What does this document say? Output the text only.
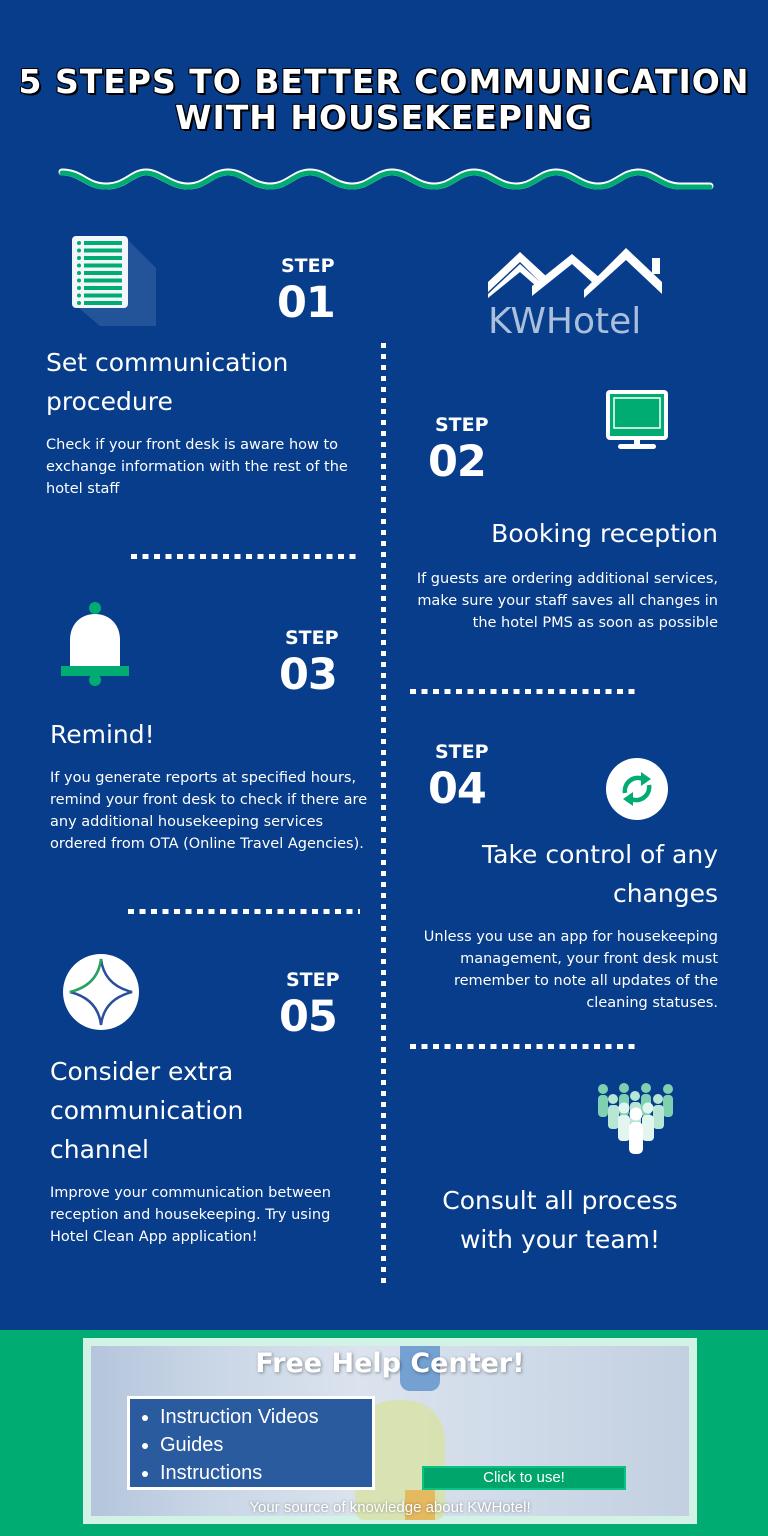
5 STEPS TO BETTER COMMUNICATION
WITH HOUSEKEEPING
STEP
01
Set communication procedure
Check if your front desk is aware how to exchange information with the rest of the hotel staff
KWHotel
STEP
02
Booking reception
If guests are ordering additional services, make sure your staff saves all changes in the hotel PMS as soon as possible
STEP
03
Remind!
If you generate reports at specified hours, remind your front desk to check if there are any additional housekeeping services ordered from OTA (Online Travel Agencies).
STEP
04
Take control of any changes
Unless you use an app for housekeeping management, your front desk must remember to note all updates of the cleaning statuses.
STEP
05
Consider extra communication channel
Improve your communication between reception and housekeeping. Try using Hotel Clean App application!
Consult all process with your team!
Free Help Center!
• Instruction Videos
• Guides
• Instructions	Click to use!
Your source of knowledge about KWHotel!
